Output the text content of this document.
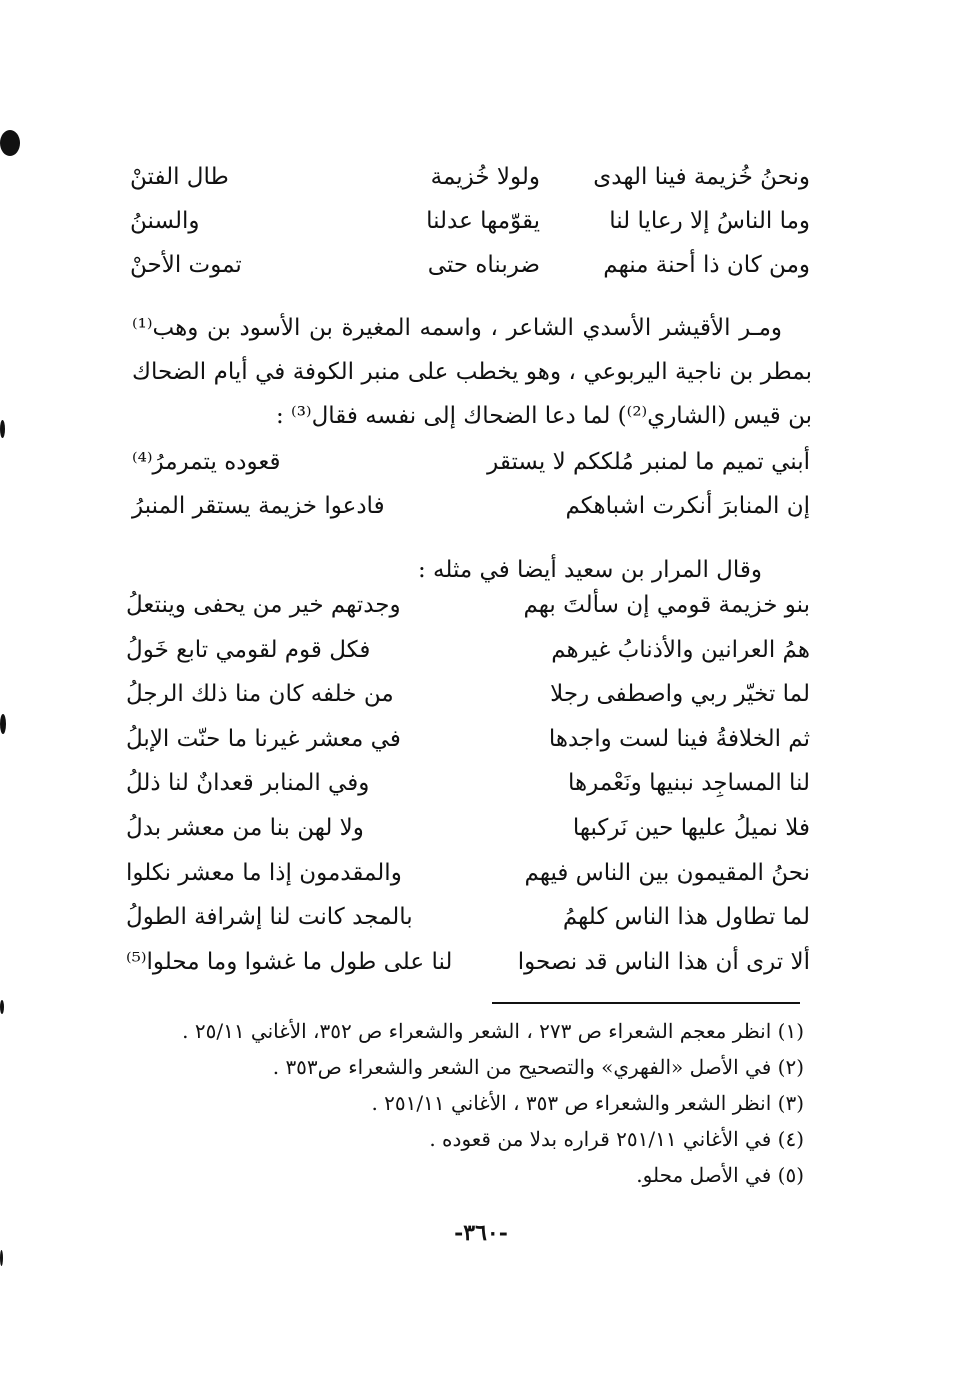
ونحنُ خُزيمة فينا الهدى
ولولا خُزيمة
طال الفتنْ
وما الناسُ إلا رعايا لنا
يقوّمها عدلنا
والسننُ
ومن كان ذا أحنة منهم
ضربناه حتى
تموت الأحنْ
ومـر الأقيشر الأسدي الشاعر ، واسمه المغيرة بن الأسود بن وهب⁽¹⁾ بمطر بن ناجية اليربوعي ، وهو يخطب على منبر الكوفة في أيام الضحاك بن قيس (الشاري⁽²⁾) لما دعا الضحاك إلى نفسه فقال⁽³⁾ :
أبني تميم ما لمنبر مُلككم لا يستقر
قعوده يتمرمرُ⁽⁴⁾
إن المنابرَ أنكرت اشباهكم
فادعوا خزيمة يستقر المنبرُ
وقال المرار بن سعيد أيضا في مثله :
بنو خزيمة قومي إن سألتَ بهم
وجدتهم خير من يحفى وينتعلُ
همُ العرانين والأذنابُ غيرهم
فكل قوم لقومي تابع خَولُ
لما تخيّر ربي واصطفى رجلا
من خلفه كان منا ذلك الرجلُ
ثم الخلافةُ فينا لست واجدها
في معشر غيرنا ما حنّت الإبلُ
لنا المساجِد نبنيها ونَعْمرها
وفي المنابر قعدانٌ لنا ذللُ
فلا نميلُ عليها حين نَركبها
ولا لهن بنا من معشر بدلُ
نحنُ المقيمون بين الناس فيهم
والمقدمون إذا ما معشر نكلوا
لما تطاول هذا الناس كلهمُ
بالمجد كانت لنا إشرافة الطولُ
ألا ترى أن هذا الناس قد نصحوا
لنا على طول ما غشوا وما محلوا⁽⁵⁾
(١) انظر معجم الشعراء ص ٢٧٣ ، الشعر والشعراء ص ٣٥٢، الأغاني ٢٥/١١ .
(٢) في الأصل «الفهري» والتصحيح من الشعر والشعراء ص٣٥٣ .
(٣) انظر الشعر والشعراء ص ٣٥٣ ، الأغاني ٢٥١/١١ .
(٤) في الأغاني ٢٥١/١١ قراره بدلا من قعوده .
(٥) في الأصل محلو.
-٣٦٠-
